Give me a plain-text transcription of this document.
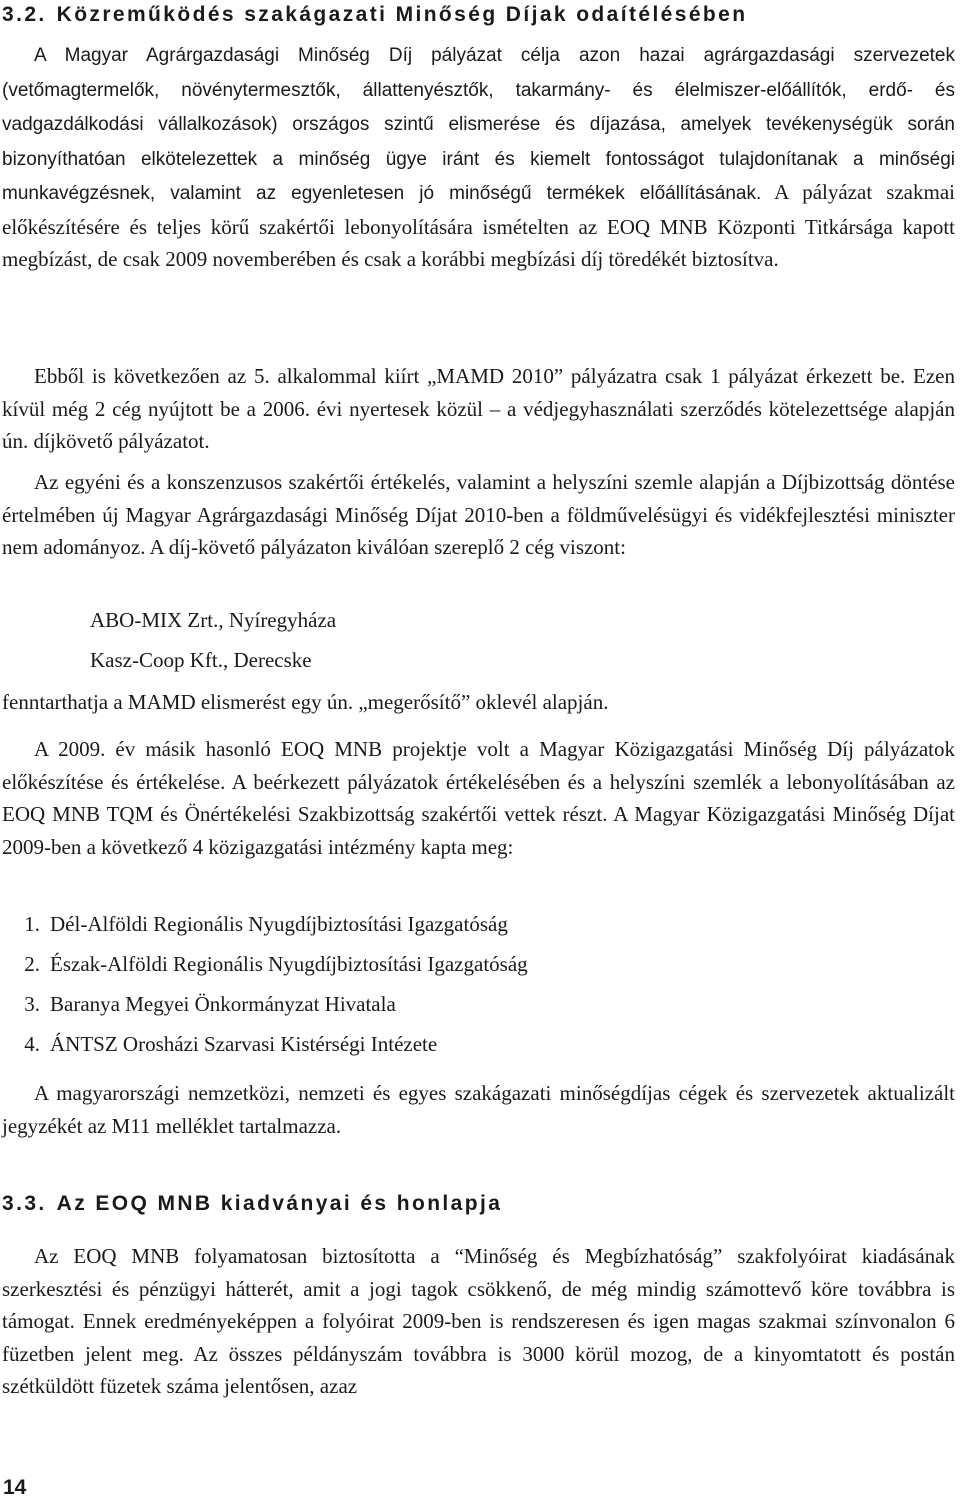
3.2. Közreműködés szakágazati Minőség Díjak odaítélésében

A Magyar Agrárgazdasági Minőség Díj pályázat célja azon hazai agrárgazdasági szervezetek (vetőmagtermelők, növénytermesztők, állattenyésztők, takarmány- és élelmiszer-előállítók, erdő- és vadgazdálkodási vállalkozások) országos szintű elismerése és díjazása, amelyek tevékenységük során bizonyíthatóan elkötelezettek a minőség ügye iránt és kiemelt fontosságot tulajdonítanak a minőségi munkavégzésnek, valamint az egyenletesen jó minőségű termékek előállításának. A pályázat szakmai előkészítésére és teljes körű szakértői lebonyolítására ismételten az EOQ MNB Központi Titkársága kapott megbízást, de csak 2009 novemberében és csak a korábbi megbízási díj töredékét biztosítva.

Ebből is következően az 5. alkalommal kiírt „MAMD 2010” pályázatra csak 1 pályázat érkezett be. Ezen kívül még 2 cég nyújtott be a 2006. évi nyertesek közül – a védjegyhasználati szerződés kötelezettsége alapján ún. díjkövető pályázatot.

Az egyéni és a konszenzusos szakértői értékelés, valamint a helyszíni szemle alapján a Díjbizottság döntése értelmében új Magyar Agrárgazdasági Minőség Díjat 2010-ben a földművelésügyi és vidékfejlesztési miniszter nem adományoz. A díj-követő pályázaton kiválóan szereplő 2 cég viszont:

ABO-MIX Zrt., Nyíregyháza
Kasz-Coop Kft., Derecske

fenntarthatja a MAMD elismerést egy ún. „megerősítő” oklevél alapján.

A 2009. év másik hasonló EOQ MNB projektje volt a Magyar Közigazgatási Minőség Díj pályázatok előkészítése és értékelése. A beérkezett pályázatok értékelésében és a helyszíni szemlék a lebonyolításában az EOQ MNB TQM és Önértékelési Szakbizottság szakértői vettek részt. A Magyar Közigazgatási Minőség Díjat 2009-ben a következő 4 közigazgatási intézmény kapta meg:

1 . Dél-Alföldi Regionális Nyugdíjbiztosítási Igazgatóság
2 . Észak-Alföldi Regionális Nyugdíjbiztosítási Igazgatóság
3 . Baranya Megyei Önkormányzat Hivatala
4 . ÁNTSZ Orosházi Szarvasi Kistérségi Intézete

A magyarországi nemzetközi, nemzeti és egyes szakágazati minőségdíjas cégek és szervezetek aktualizált jegyzékét az M11 melléklet tartalmazza.

3.3. Az EOQ MNB kiadványai és honlapja

Az EOQ MNB folyamatosan biztosította a “Minőség és Megbízhatóság” szakfolyóirat kiadásának szerkesztési és pénzügyi hátterét, amit a jogi tagok csökkenő, de még mindig számottevő köre továbbra is támogat. Ennek eredményeképpen a folyóirat 2009-ben is rendszeresen és igen magas szakmai színvonalon 6 füzetben jelent meg. Az összes példányszám továbbra is 3000 körül mozog, de a kinyomtatott és postán szétküldött füzetek száma jelentősen, azaz

14
